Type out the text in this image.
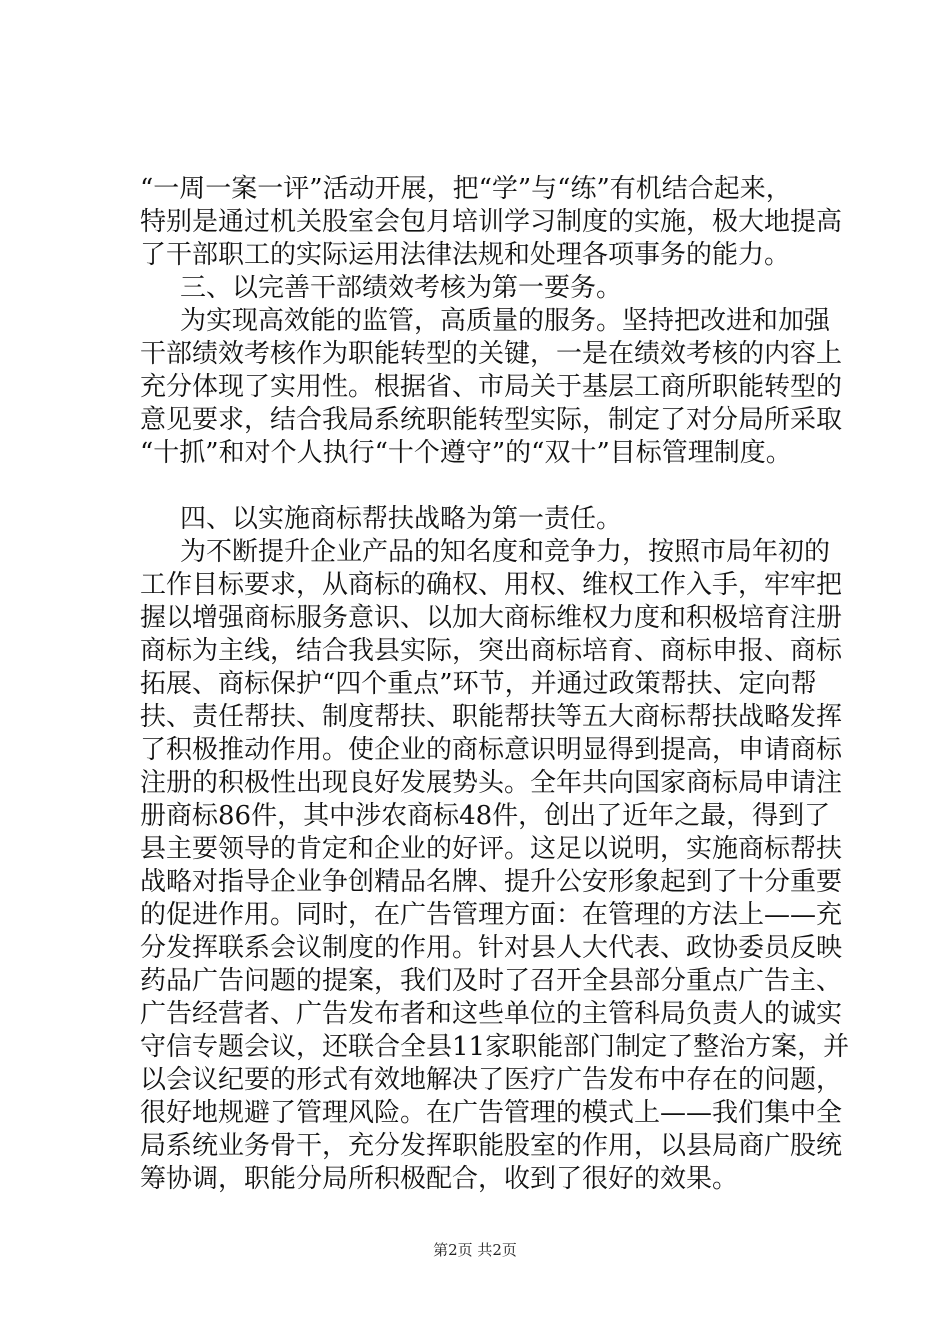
“一周一案一评”活动开展，把“学”与“练”有机结合起来，
特别是通过机关股室会包月培训学习制度的实施，极大地提高
了干部职工的实际运用法律法规和处理各项事务的能力。
三、以完善干部绩效考核为第一要务。
为实现高效能的监管，高质量的服务。坚持把改进和加强
干部绩效考核作为职能转型的关键，一是在绩效考核的内容上
充分体现了实用性。根据省、市局关于基层工商所职能转型的
意见要求，结合我局系统职能转型实际，制定了对分局所采取
“十抓”和对个人执行“十个遵守”的“双十”目标管理制度。
四、以实施商标帮扶战略为第一责任。
为不断提升企业产品的知名度和竞争力，按照市局年初的
工作目标要求，从商标的确权、用权、维权工作入手，牢牢把
握以增强商标服务意识、以加大商标维权力度和积极培育注册
商标为主线，结合我县实际，突出商标培育、商标申报、商标
拓展、商标保护“四个重点”环节，并通过政策帮扶、定向帮
扶、责任帮扶、制度帮扶、职能帮扶等五大商标帮扶战略发挥
了积极推动作用。使企业的商标意识明显得到提高，申请商标
注册的积极性出现良好发展势头。全年共向国家商标局申请注
册商标86件，其中涉农商标48件，创出了近年之最，得到了
县主要领导的肯定和企业的好评。这足以说明，实施商标帮扶
战略对指导企业争创精品名牌、提升公安形象起到了十分重要
的促进作用。同时，在广告管理方面：在管理的方法上——充
分发挥联系会议制度的作用。针对县人大代表、政协委员反映
药品广告问题的提案，我们及时了召开全县部分重点广告主、
广告经营者、广告发布者和这些单位的主管科局负责人的诚实
守信专题会议，还联合全县11家职能部门制定了整治方案，并
以会议纪要的形式有效地解决了医疗广告发布中存在的问题，
很好地规避了管理风险。在广告管理的模式上——我们集中全
局系统业务骨干，充分发挥职能股室的作用，以县局商广股统
筹协调，职能分局所积极配合，收到了很好的效果。
第2页 共2页
